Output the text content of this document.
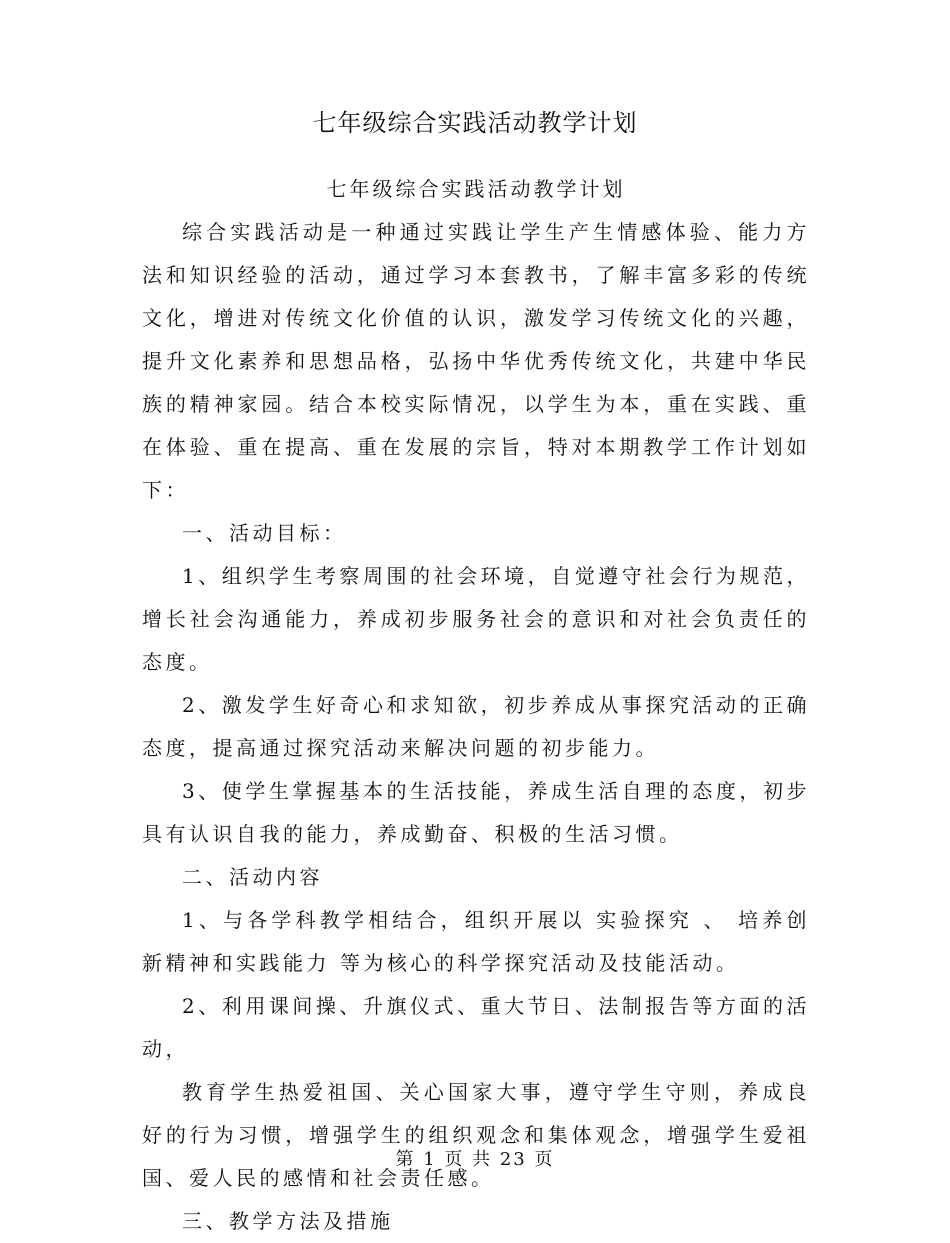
七年级综合实践活动教学计划

七年级综合实践活动教学计划

综合实践活动是一种通过实践让学生产生情感体验、能力方法和知识经验的活动，通过学习本套教书，了解丰富多彩的传统文化，增进对传统文化价值的认识，激发学习传统文化的兴趣，提升文化素养和思想品格，弘扬中华优秀传统文化，共建中华民族的精神家园。结合本校实际情况，以学生为本，重在实践、重在体验、重在提高、重在发展的宗旨，特对本期教学工作计划如下：

一、活动目标：

1、组织学生考察周围的社会环境，自觉遵守社会行为规范，增长社会沟通能力，养成初步服务社会的意识和对社会负责任的态度。

2、激发学生好奇心和求知欲，初步养成从事探究活动的正确态度，提高通过探究活动来解决问题的初步能力。

3、使学生掌握基本的生活技能，养成生活自理的态度，初步具有认识自我的能力，养成勤奋、积极的生活习惯。

二、活动内容

1、与各学科教学相结合，组织开展以 实验探究 、 培养创新精神和实践能力 等为核心的科学探究活动及技能活动。

2、利用课间操、升旗仪式、重大节日、法制报告等方面的活动，

教育学生热爱祖国、关心国家大事，遵守学生守则，养成良好的行为习惯，增强学生的组织观念和集体观念，增强学生爱祖国、爱人民的感情和社会责任感。

三、教学方法及措施

第 1 页 共 23 页
